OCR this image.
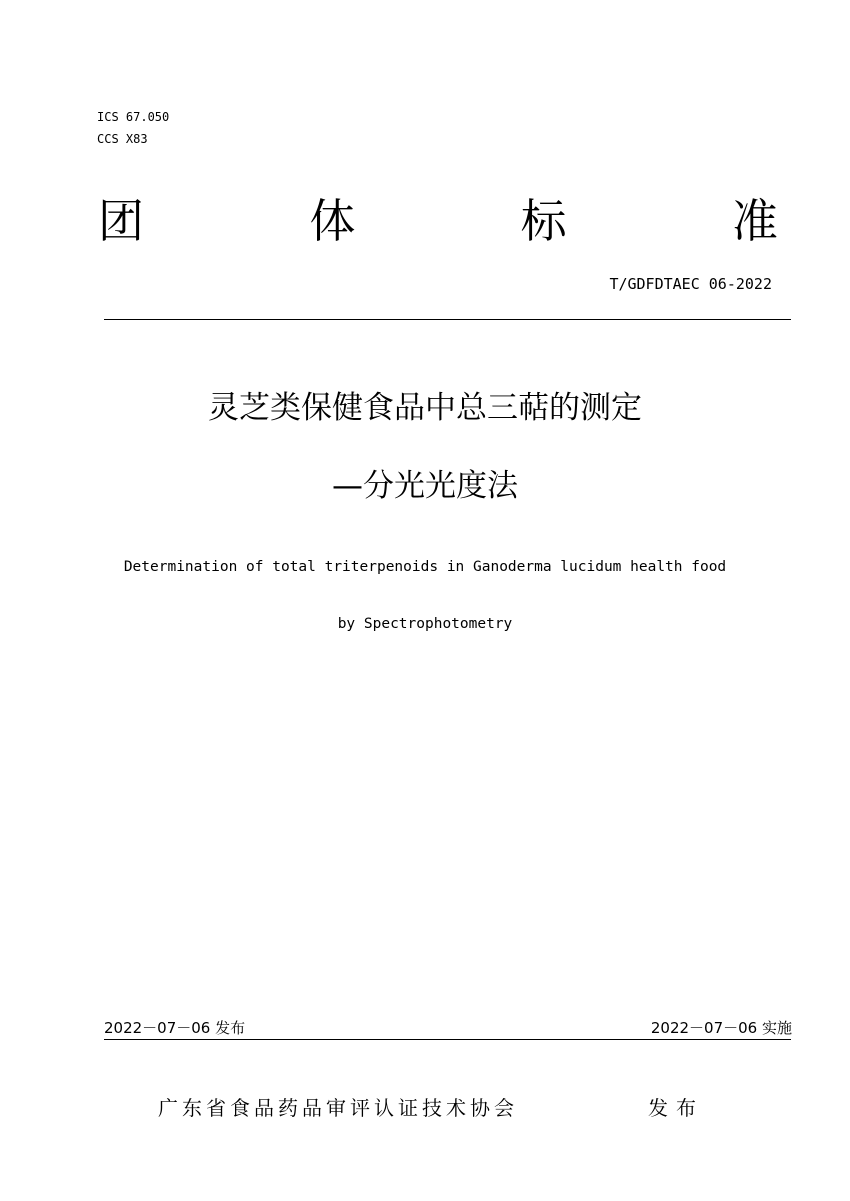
ICS 67.050
CCS X83
团	体	标	准
T/GDFDTAEC 06-2022
灵芝类保健食品中总三萜的测定
—分光光度法
Determination of total triterpenoids in Ganoderma lucidum health food
by Spectrophotometry
2022－07－06 发布	2022－07－06 实施
广东省食品药品审评认证技术协会	发布
